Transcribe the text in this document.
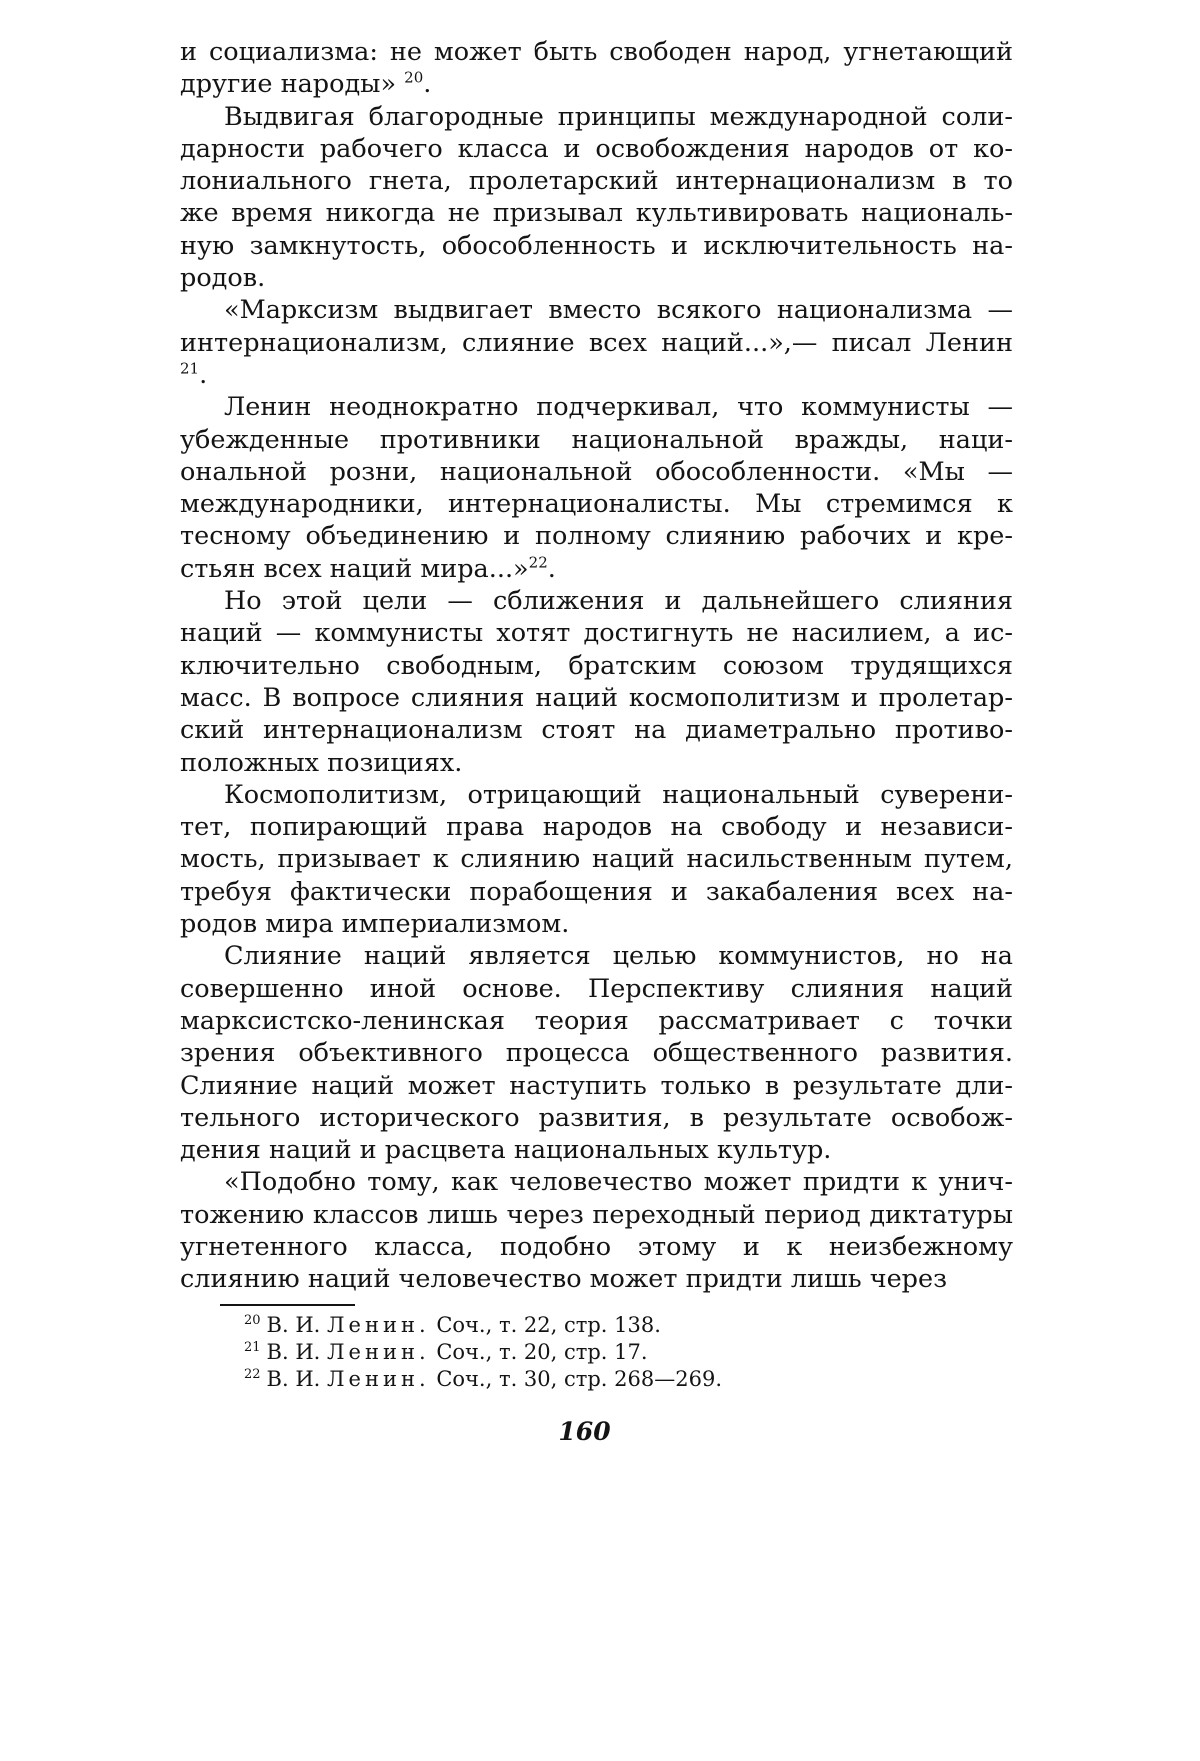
и социализма: не может быть свободен народ, угнетающий другие народы» $^{20}$.

Выдвигая благородные принципы международной солидарности рабочего класса и освобождения народов от колониального гнета, пролетарский интернационализм в то же время никогда не призывал культивировать национальную замкнутость, обособленность и исключительность народов.

«Марксизм выдвигает вместо всякого национализма — интернационализм, слияние всех наций...»,— писал Ленин $^{21}$.

Ленин неоднократно подчеркивал, что коммунисты — убежденные противники национальной вражды, национальной розни, национальной обособленности. «Мы — международники, интернационалисты. Мы стремимся к тесному объединению и полному слиянию рабочих и крестьян всех наций мира...»$^{22}$.

Но этой цели — сближения и дальнейшего слияния наций — коммунисты хотят достигнуть не насилием, а исключительно свободным, братским союзом трудящихся масс. В вопросе слияния наций космополитизм и пролетарский интернационализм стоят на диаметрально противоположных позициях.

Космополитизм, отрицающий национальный суверенитет, попирающий права народов на свободу и независимость, призывает к слиянию наций насильственным путем, требуя фактически порабощения и закабаления всех народов мира империализмом.

Слияние наций является целью коммунистов, но на совершенно иной основе. Перспективу слияния наций марксистско-ленинская теория рассматривает с точки зрения объективного процесса общественного развития. Слияние наций может наступить только в результате длительного исторического развития, в результате освобождения наций и расцвета национальных культур.

«Подобно тому, как человечество может придти к уничтожению классов лишь через переходный период диктатуры угнетенного класса, подобно этому и к неизбежному слиянию наций человечество может придти лишь через

$^{20}$ В. И. Ленин. Соч., т. 22, стр. 138.
$^{21}$ В. И. Ленин. Соч., т. 20, стр. 17.
$^{22}$ В. И. Ленин. Соч., т. 30, стр. 268—269.
160
